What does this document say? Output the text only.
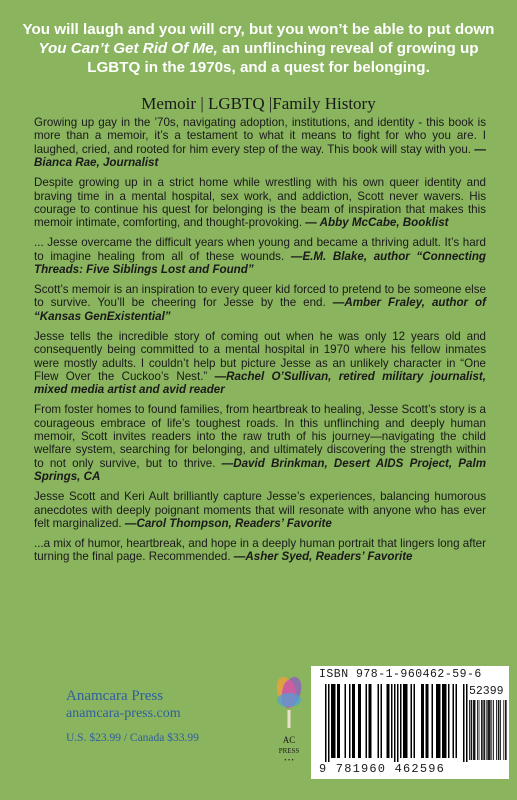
You will laugh and you will cry, but you won’t be able to put down You Can’t Get Rid Of Me, an unflinching reveal of growing up LGBTQ in the 1970s, and a quest for belonging.
Memoir | LGBTQ |Family History

Growing up gay in the ’70s, navigating adoption, institutions, and identity - this book is more than a memoir, it’s a testament to what it means to fight for who you are. I laughed, cried, and rooted for him every step of the way. This book will stay with you. —Bianca Rae, Journalist

Despite growing up in a strict home while wrestling with his own queer identity and braving time in a mental hospital, sex work, and addiction, Scott never wavers. His courage to continue his quest for belonging is the beam of inspiration that makes this memoir intimate, comforting, and thought-provoking. — Abby McCabe, Booklist

... Jesse overcame the difficult years when young and became a thriving adult. It’s hard to imagine healing from all of these wounds. —E.M. Blake, author “Connecting Threads: Five Siblings Lost and Found”

Scott’s memoir is an inspiration to every queer kid forced to pretend to be someone else to survive. You’ll be cheering for Jesse by the end. —Amber Fraley, author of “Kansas GenExistential”

Jesse tells the incredible story of coming out when he was only 12 years old and consequently being committed to a mental hospital in 1970 where his fellow inmates were mostly adults. I couldn’t help but picture Jesse as an unlikely character in “One Flew Over the Cuckoo’s Nest.” —Rachel O’Sullivan, retired military journalist, mixed media artist and avid reader

From foster homes to found families, from heartbreak to healing, Jesse Scott’s story is a courageous embrace of life’s toughest roads. In this unflinching and deeply human memoir, Scott invites readers into the raw truth of his journey—navigating the child welfare system, searching for belonging, and ultimately discovering the strength within to not only survive, but to thrive. —David Brinkman, Desert AIDS Project, Palm Springs, CA

Jesse Scott and Keri Ault brilliantly capture Jesse’s experiences, balancing humorous anecdotes with deeply poignant moments that will resonate with anyone who has ever felt marginalized. —Carol Thompson, Readers’ Favorite

...a mix of humor, heartbreak, and hope in a deeply human portrait that lingers long after turning the final page. Recommended. —Asher Syed, Readers’ Favorite

Anamcara Press
anamcara-press.com
U.S. $23.99 / Canada $33.99	AC
PRESS
• • •
ISBN 978-1-960462-59-6
52399
9 781960 462596
